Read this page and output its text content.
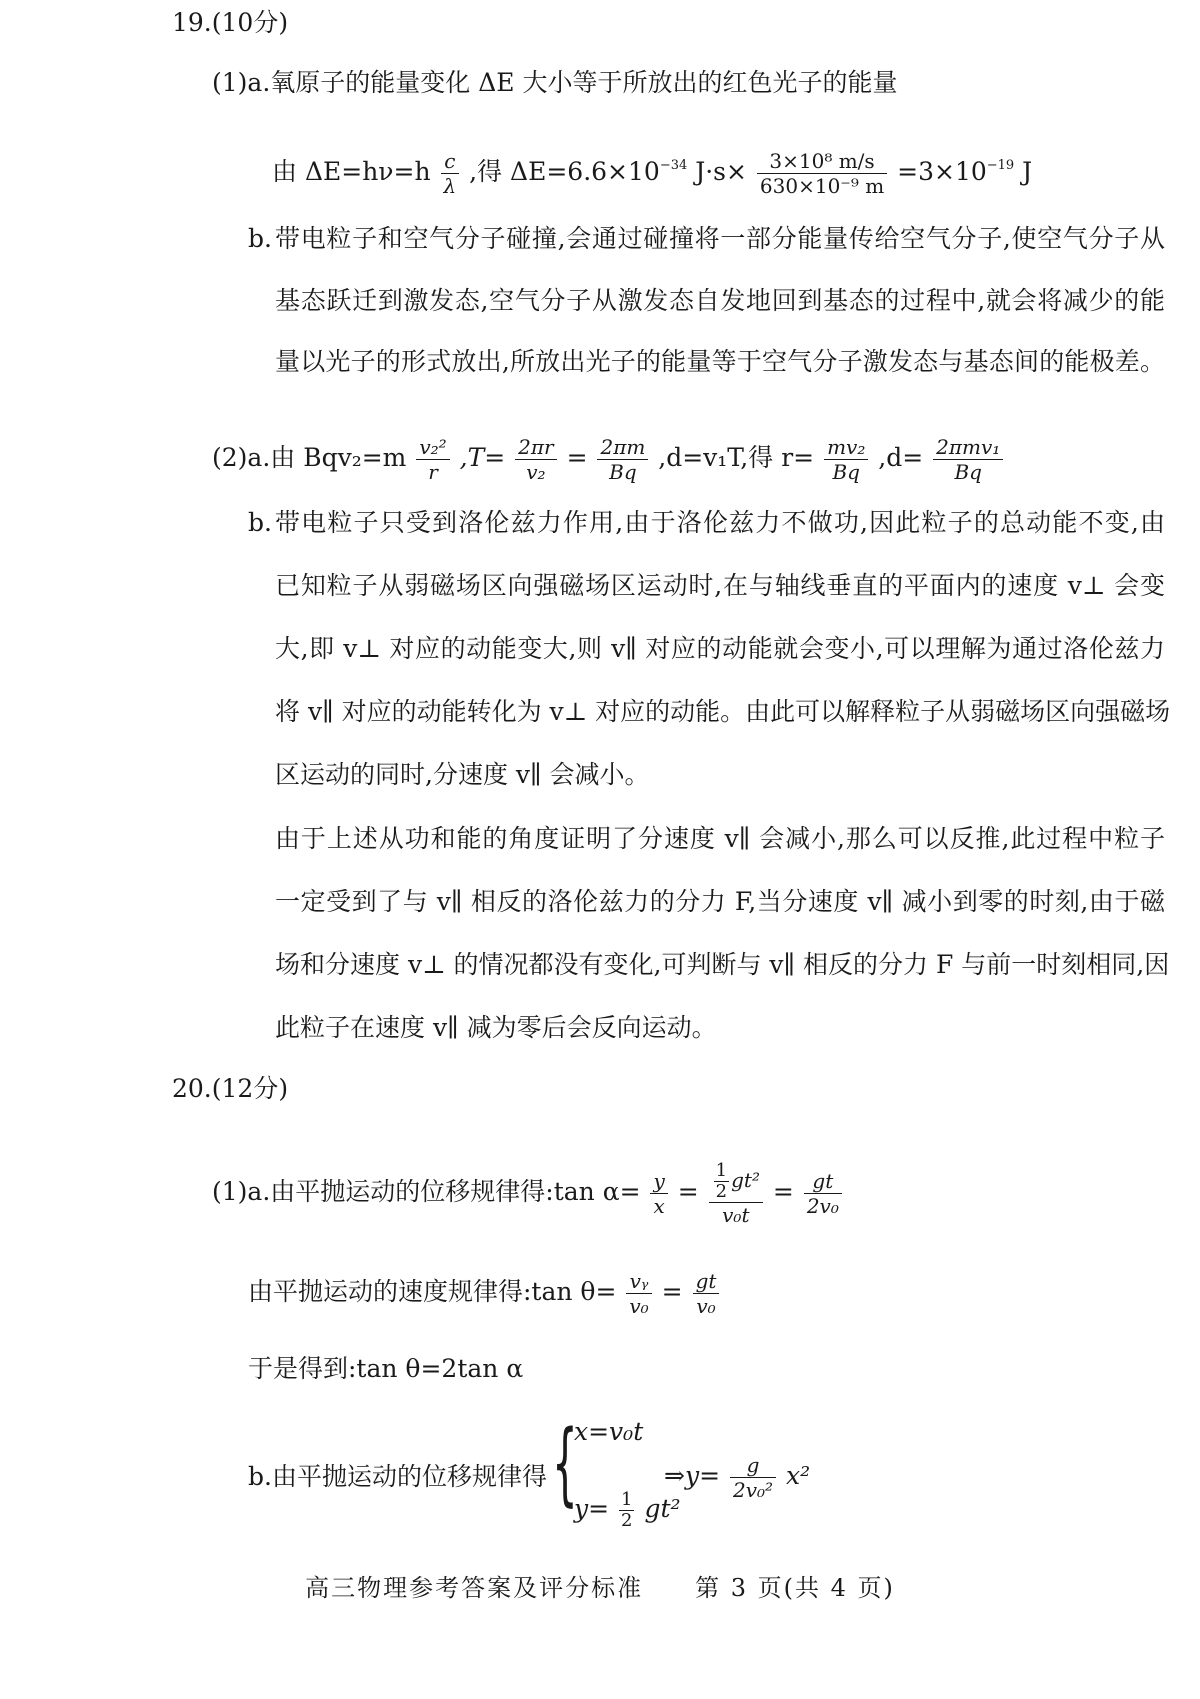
19.(10分)
(1)a.氧原子的能量变化 ΔE 大小等于所放出的红色光子的能量
由 $\Delta E=h\nu=h \frac{c}{\lambda}$ ,得 $\Delta E=6.6\times 10^{-34}$ $J\cdot s\times \frac{\text{3×10⁸ m/s}}{\text{630×10⁻⁹ m}} =3\times 10^{-19}$ J
b. 带电粒子和空气分子碰撞,会通过碰撞将一部分能量传给空气分子,使空气分子从
基态跃迁到激发态,空气分子从激发态自发地回到基态的过程中,就会将减少的能
量以光子的形式放出,所放出光子的能量等于空气分子激发态与基态间的能极差。
(2)a.由 $Bqv_2=m \frac{\text{v₂²}}{r} ,T= \frac{2\pi r}{\text{v₂}} = \frac{2\pi m}{Bq} ,d=v_1T$,得 $r= \frac{\text{mv₂}}{Bq} ,d= \frac{\text{2πmv₁}}{Bq}$
b. 带电粒子只受到洛伦兹力作用,由于洛伦兹力不做功,因此粒子的总动能不变,由
已知粒子从弱磁场区向强磁场区运动时,在与轴线垂直的平面内的速度 v⊥ 会变
大,即 v⊥ 对应的动能变大,则 v∥ 对应的动能就会变小,可以理解为通过洛伦兹力
将 v∥ 对应的动能转化为 v⊥ 对应的动能。由此可以解释粒子从弱磁场区向强磁场
区运动的同时,分速度 v∥ 会减小。
由于上述从功和能的角度证明了分速度 v∥ 会减小,那么可以反推,此过程中粒子
一定受到了与 v∥ 相反的洛伦兹力的分力 F,当分速度 v∥ 减小到零的时刻,由于磁
场和分速度 v⊥ 的情况都没有变化,可判断与 v∥ 相反的分力 F 与前一时刻相同,因
此粒子在速度 v∥ 减为零后会反向运动。
20.(12分)
(1)a.由平抛运动的位移规律得:tan $\alpha= \frac{y}{x} = \frac{\frac{1}{2} gt^2}{\text{v₀t}} = \frac{gt}{\text{2v₀}}$
由平抛运动的速度规律得:tan $\theta= \frac{\text{vᵧ}}{\text{v₀}} = \frac{gt}{\text{v₀}}$
于是得到:tan θ=2tan α
b.由平抛运动的位移规律得 {
x=v₀t
$y= \frac{1}{2} gt^2$
⇒y= $\frac{g}{\text{2v₀²}} x^2$
高三物理参考答案及评分标准　　第 3 页(共 4 页)
